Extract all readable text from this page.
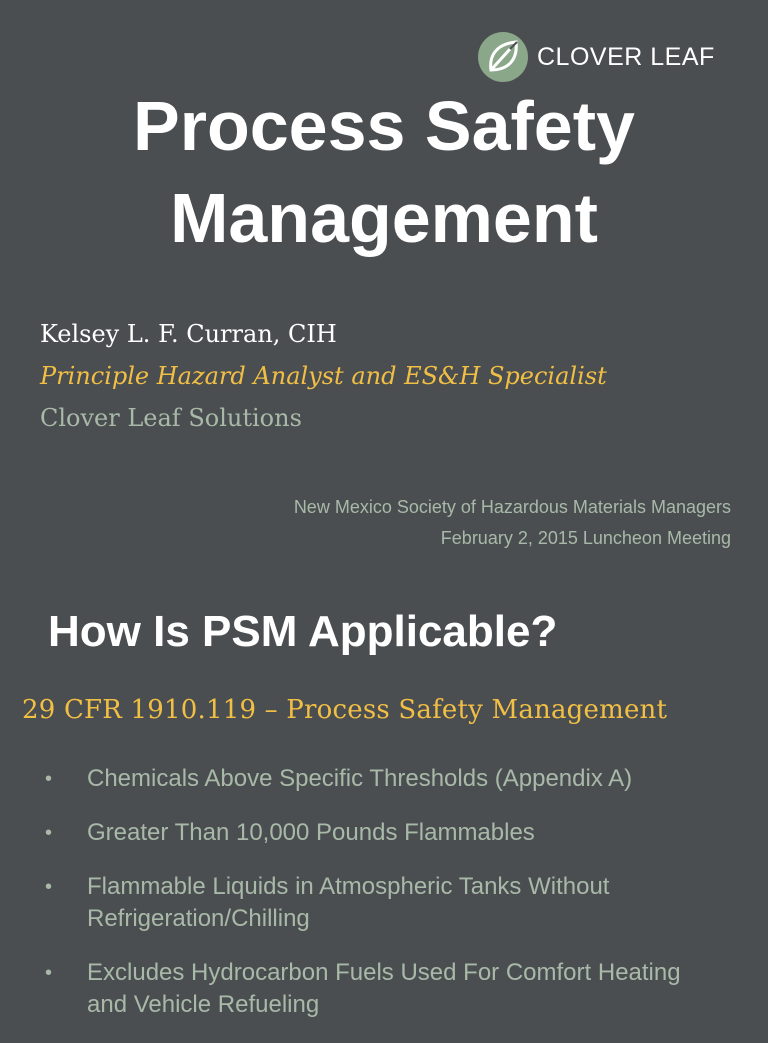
CLOVER LEAF
Process Safety
Management
Kelsey L. F. Curran, CIH
Principle Hazard Analyst and ES&H Specialist
Clover Leaf Solutions
New Mexico Society of Hazardous Materials Managers
February 2, 2015 Luncheon Meeting
How Is PSM Applicable?
29 CFR 1910.119 – Process Safety Management
• Chemicals Above Specific Thresholds (Appendix A)
• Greater Than 10,000 Pounds Flammables
• Flammable Liquids in Atmospheric Tanks Without Refrigeration/Chilling
• Excludes Hydrocarbon Fuels Used For Comfort Heating and Vehicle Refueling
